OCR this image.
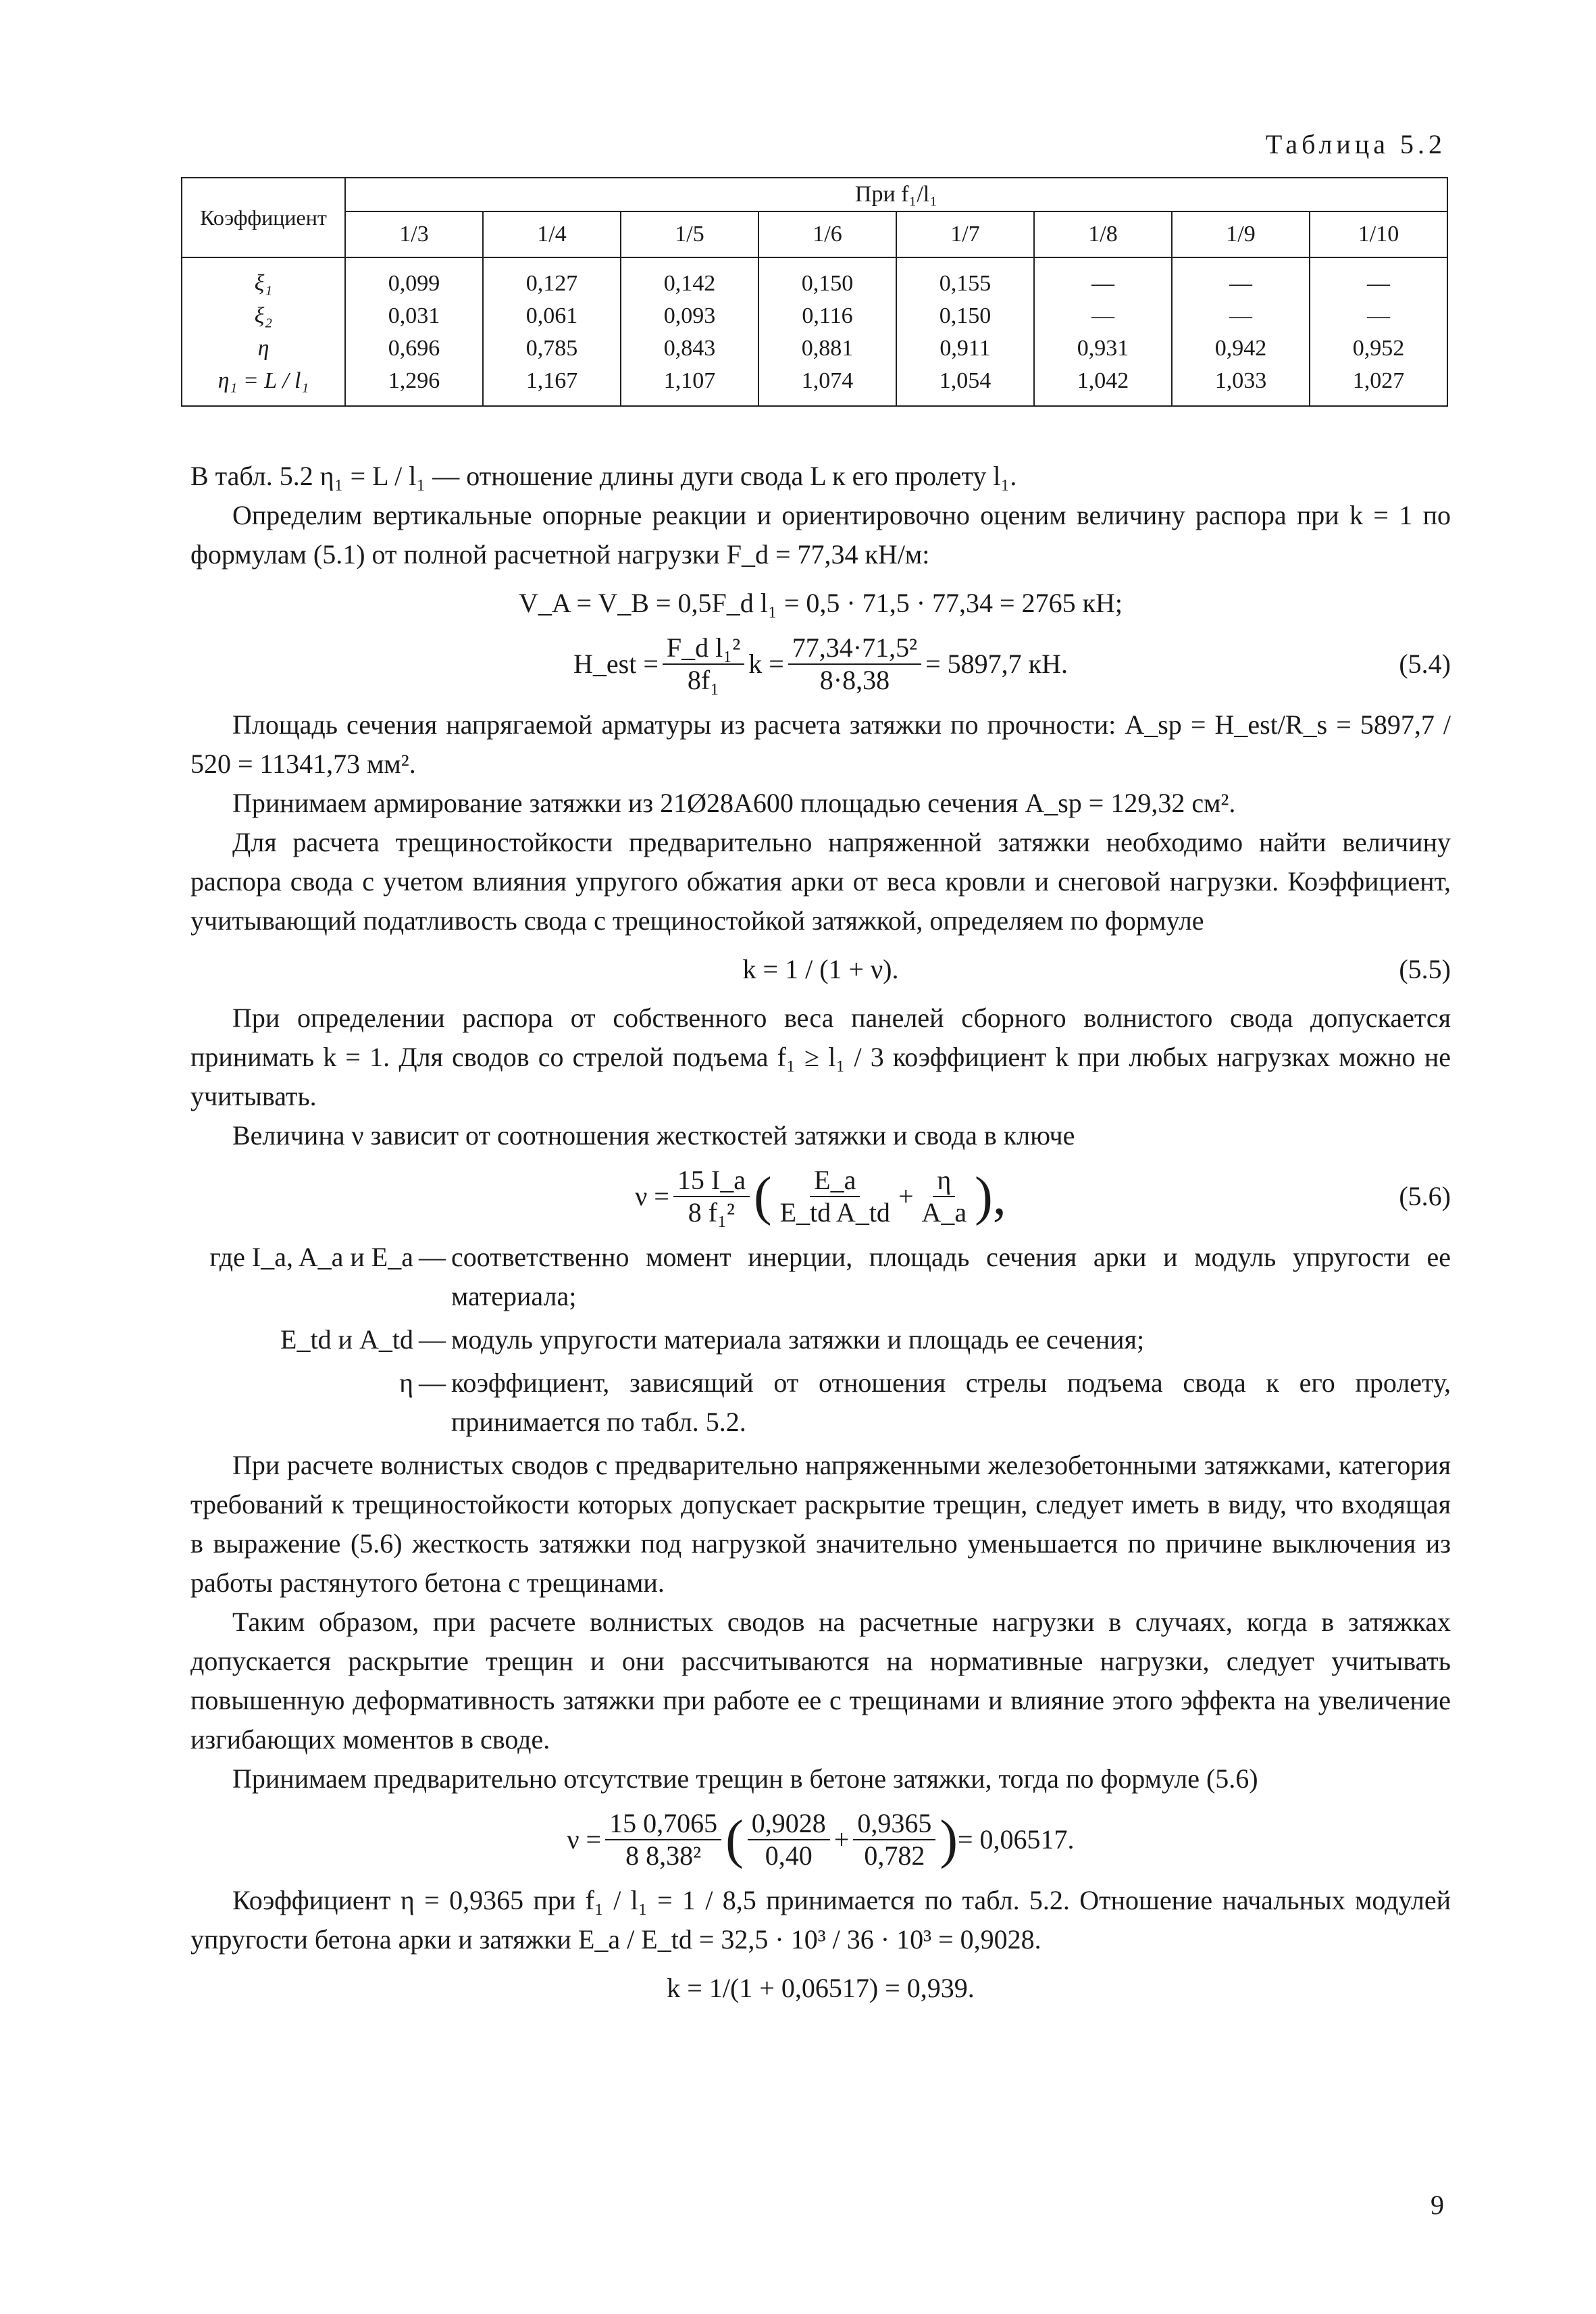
Таблица 5.2
Коэффициент	При f₁/l₁							
	1/3	1/4	1/5	1/6	1/7	1/8	1/9	1/10
ξ₁	0,099	0,127	0,142	0,150	0,155	—	—	—
ξ₂	0,031	0,061	0,093	0,116	0,150	—	—	—
η	0,696	0,785	0,843	0,881	0,911	0,931	0,942	0,952
η₁ = L / l₁	1,296	1,167	1,107	1,074	1,054	1,042	1,033	1,027

В табл. 5.2 η₁ = L / l₁ — отношение длины дуги свода L к его пролету l₁.

Определим вертикальные опорные реакции и ориентировочно оценим величину распора при k = 1 по формулам (5.1) от полной расчетной нагрузки F_d = 77,34 кН/м:

V_A = V_B = 0,5F_d l₁ = 0,5 · 71,5 · 77,34 = 2765 кН;
H_est = $\frac{\text{F\_d l₁²}}{\text{8f₁}}$ $k = \frac{\text{77,34·71,5²}}{8\cdot 8,38} = 5897,7$ кН.	(5.4)

Площадь сечения напрягаемой арматуры из расчета затяжки по прочности: A_sp = H_est/R_s = 5897,7 / 520 = 11341,73 мм².

Принимаем армирование затяжки из 21Ø28А600 площадью сечения A_sp = 129,32 см².

Для расчета трещиностойкости предварительно напряженной затяжки необходимо найти величину распора свода с учетом влияния упругого обжатия арки от веса кровли и снеговой нагрузки. Коэффициент, учитывающий податливость свода с трещиностойкой затяжкой, определяем по формуле

k = 1 / (1 + ν).	(5.5)

При определении распора от собственного веса панелей сборного волнистого свода допускается принимать k = 1. Для сводов со стрелой подъема f₁ ≥ l₁ / 3 коэффициент k при любых нагрузках можно не учитывать.

Величина ν зависит от соотношения жесткостей затяжки и свода в ключе

$\nu = \frac{15 I\_a}{\text{8 f₁²}}$ ( $\frac{E\_a}{\text{E\_td A\_td}} + \frac{\eta}{A\_a}$ ),	(5.6)
где I_a, A_a и E_a — соответственно момент инерции, площадь сечения арки и модуль упругости ее материала;
E_td и A_td — модуль упругости материала затяжки и площадь ее сечения;
η — коэффициент, зависящий от отношения стрелы подъема свода к его пролету, принимается по табл. 5.2.

При расчете волнистых сводов с предварительно напряженными железобетонными затяжками, категория требований к трещиностойкости которых допускает раскрытие трещин, следует иметь в виду, что входящая в выражение (5.6) жесткость затяжки под нагрузкой значительно уменьшается по причине выключения из работы растянутого бетона с трещинами.

Таким образом, при расчете волнистых сводов на расчетные нагрузки в случаях, когда в затяжках допускается раскрытие трещин и они рассчитываются на нормативные нагрузки, следует учитывать повышенную деформативность затяжки при работе ее с трещинами и влияние этого эффекта на увеличение изгибающих моментов в своде.

Принимаем предварительно отсутствие трещин в бетоне затяжки, тогда по формуле (5.6)

$\nu = \frac{15 0,7065}{\text{8 8,38²}}$ ( $\frac{0,9028}{0,40} + \frac{0,9365}{0,782}$ ) = 0,06517.

Коэффициент η = 0,9365 при f₁ / l₁ = 1 / 8,5 принимается по табл. 5.2. Отношение начальных модулей упругости бетона арки и затяжки E_a / E_td = 32,5 · 10³ / 36 · 10³ = 0,9028.

k = 1/(1 + 0,06517) = 0,939.
9
